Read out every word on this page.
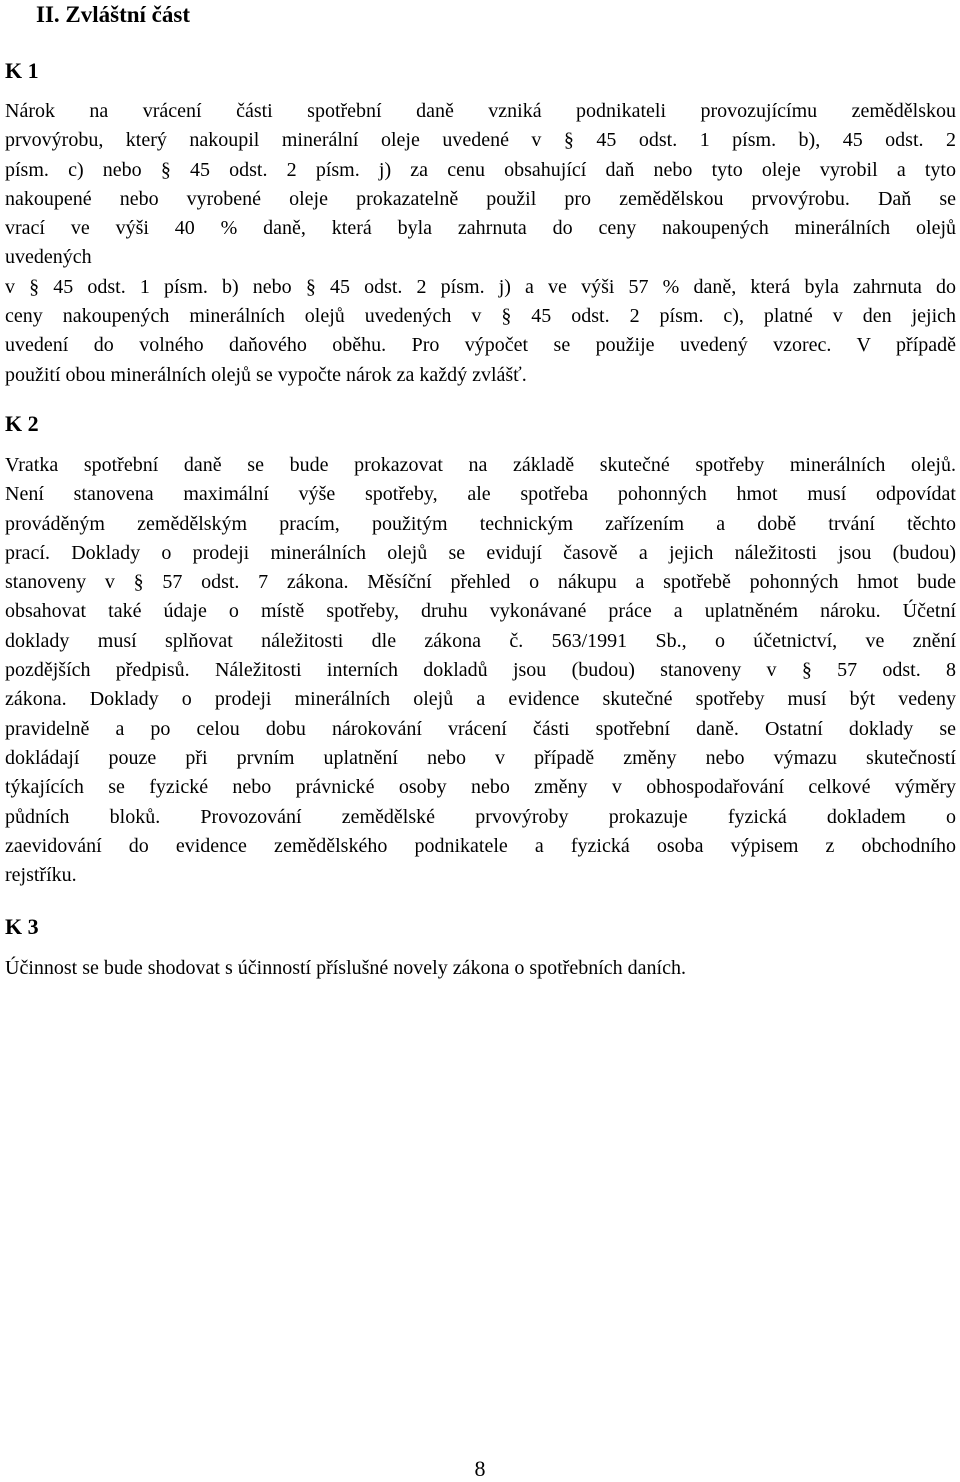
II. Zvláštní část
K 1
Nárok na vrácení části spotřební daně vzniká podnikateli provozujícímu zemědělskou
prvovýrobu, který nakoupil minerální oleje uvedené v § 45 odst. 1 písm. b), 45 odst. 2
písm. c) nebo § 45 odst. 2 písm. j) za cenu obsahující daň nebo tyto oleje vyrobil a tyto
nakoupené nebo vyrobené oleje prokazatelně použil pro zemědělskou prvovýrobu. Daň se
vrací ve výši 40 % daně, která byla zahrnuta do ceny nakoupených minerálních olejů
uvedených
v § 45 odst. 1 písm. b) nebo § 45 odst. 2 písm. j) a ve výši 57 % daně, která byla zahrnuta do
ceny nakoupených minerálních olejů uvedených v § 45 odst. 2 písm. c), platné v den jejich
uvedení do volného daňového oběhu. Pro výpočet se použije uvedený vzorec. V případě
použití obou minerálních olejů se vypočte nárok za každý zvlášť.
K 2
Vratka spotřební daně se bude prokazovat na základě skutečné spotřeby minerálních olejů.
Není stanovena maximální výše spotřeby, ale spotřeba pohonných hmot musí odpovídat
prováděným zemědělským pracím, použitým technickým zařízením a době trvání těchto
prací. Doklady o prodeji minerálních olejů se evidují časově a jejich náležitosti jsou (budou)
stanoveny v § 57 odst. 7 zákona. Měsíční přehled o nákupu a spotřebě pohonných hmot bude
obsahovat také údaje o místě spotřeby, druhu vykonávané práce a uplatněném nároku. Účetní
doklady musí splňovat náležitosti dle zákona č. 563/1991 Sb., o účetnictví, ve znění
pozdějších předpisů. Náležitosti interních dokladů jsou (budou) stanoveny v § 57 odst. 8
zákona. Doklady o prodeji minerálních olejů a evidence skutečné spotřeby musí být vedeny
pravidelně a po celou dobu nárokování vrácení části spotřební daně. Ostatní doklady se
dokládají pouze při prvním uplatnění nebo v případě změny nebo výmazu skutečností
týkajících se fyzické nebo právnické osoby nebo změny v obhospodařování celkové výměry
půdních bloků. Provozování zemědělské prvovýroby prokazuje fyzická dokladem o
zaevidování do evidence zemědělského podnikatele a fyzická osoba výpisem z obchodního
rejstříku.
K 3
Účinnost se bude shodovat s účinností příslušné novely zákona o spotřebních daních.

8
